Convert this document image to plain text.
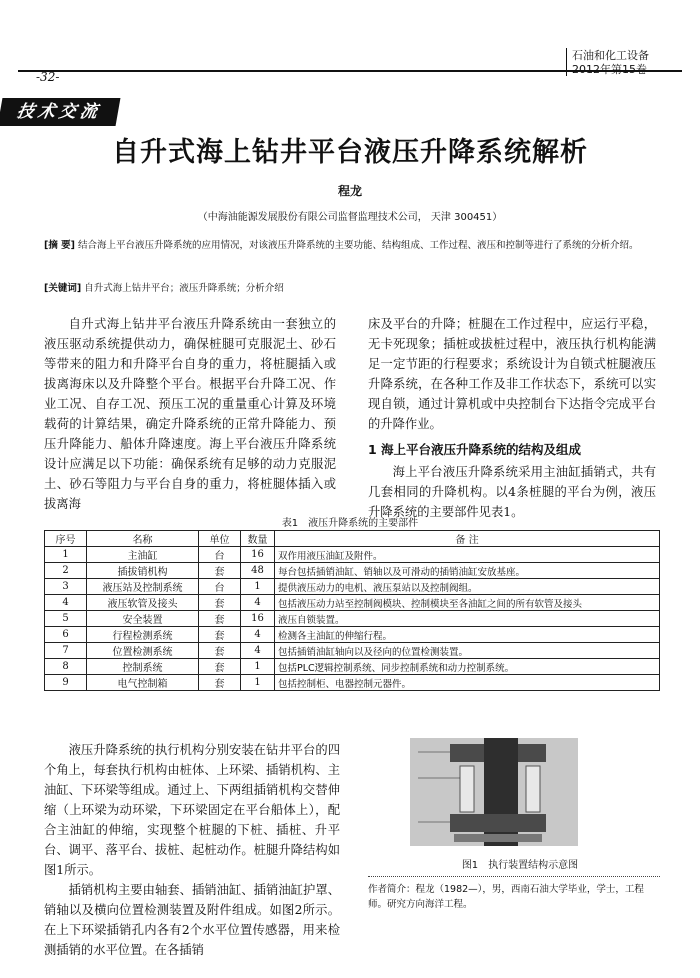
石油和化工设备
-32-
技术交流
自升式海上钻井平台液压升降系统解析
程龙
（中海油能源发展股份有限公司监督监理技术公司， 天津 300451）
[摘 要] 结合海上平台液压升降系统的应用情况，对该液压升降系统的主要功能、结构组成、工作过程、液压和控制等进行了系统的分析介绍。
[关键词] 自升式海上钻井平台；液压升降系统；分析介绍

自升式海上钻井平台液压升降系统由一套独立的液压驱动系统提供动力，确保桩腿可克服泥土、砂石等带来的阻力和升降平台自身的重力，将桩腿插入或拔离海床以及升降整个平台。根据平台升降工况、作业工况、自存工况、预压工况的重量重心计算及环境载荷的计算结果，确定升降系统的正常升降能力、预压升降能力、船体升降速度。海上平台液压升降系统设计应满足以下功能：确保系统有足够的动力克服泥土、砂石等阻力与平台自身的重力，将桩腿体插入或拔离海

床及平台的升降；桩腿在工作过程中，应运行平稳，无卡死现象；插桩或拔桩过程中，液压执行机构能满足一定节距的行程要求；系统设计为自锁式桩腿液压升降系统，在各种工作及非工作状态下，系统可以实现自锁，通过计算机或中央控制台下达指令完成平台的升降作业。

1 海上平台液压升降系统的结构及组成

海上平台液压升降系统采用主油缸插销式，共有几套相同的升降机构。以4条桩腿的平台为例，液压升降系统的主要部件见表1。

表1　液压升降系统的主要部件
序号	名称	单位	数量	备 注
1	主油缸	台	16	双作用液压油缸及附件。
2	插拔销机构	套	48	每台包括插销油缸、销轴以及可滑动的插销油缸安放基座。
3	液压站及控制系统	台	1	提供液压动力的电机、液压泵站以及控制阀组。
4	液压软管及接头	套	4	包括液压动力站至控制阀模块、控制模块至各油缸之间的所有软管及接头
5	安全装置	套	16	液压自锁装置。
6	行程检测系统	套	4	检测各主油缸的伸缩行程。
7	位置检测系统	套	4	包括插销油缸轴向以及径向的位置检测装置。
8	控制系统	套	1	包括PLC逻辑控制系统、同步控制系统和动力控制系统。
9	电气控制箱	套	1	包括控制柜、电器控制元器件。

液压升降系统的执行机构分别安装在钻井平台的四个角上，每套执行机构由桩体、上环梁、插销机构、主油缸、下环梁等组成。通过上、下两组插销机构交替伸缩（上环梁为动环梁，下环梁固定在平台船体上），配合主油缸的伸缩，实现整个桩腿的下桩、插桩、升平台、调平、落平台、拔桩、起桩动作。桩腿升降结构如图1所示。

插销机构主要由轴套、插销油缸、插销油缸护罩、销轴以及横向位置检测装置及附件组成。如图2所示。在上下环梁插销孔内各有2个水平位置传感器，用来检测插销的水平位置。在各插销

图1　执行装置结构示意图
作者简介：程龙（1982—），男，西南石油大学毕业，学士，工程师。研究方向海洋工程。
